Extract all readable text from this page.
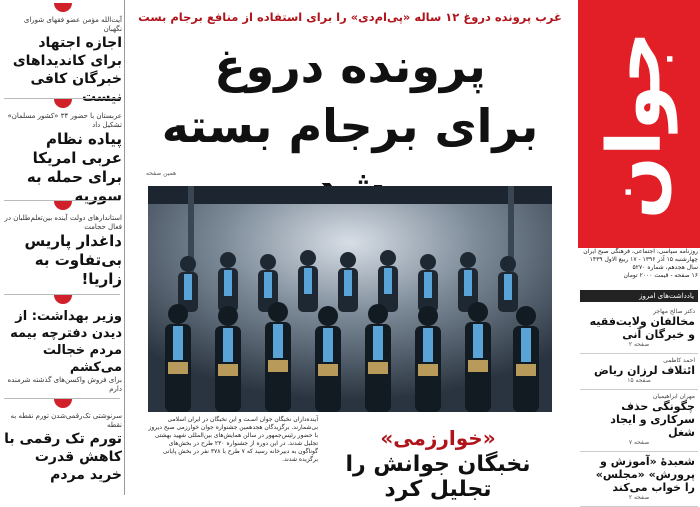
آیت‌الله مؤمن عضو فقهای شورای نگهبان
اجازه اجتهاد برای کاندیداهای خبرگان کافی نیست
عربستان با حضور ۳۴ «کشور مسلمان» تشکیل داد
پیاده نظام عربی امریکا برای حمله به سوریه
استاندارهای دولت آینده بین‌تعلم‌طلبان در فعال حجامت
داغدار پاریس بی‌تفاوت به زاریا!
وزیر بهداشت: از دیدن دفترچه بیمه مردم خجالت می‌کشم
برای فروش واکسن‌های گذشته شرمنده دارم
سرنوشتی تک‌رقمی‌شدن تورم نقطه به نقطه
تورم تک رقمی با کاهش قدرت خرید مردم
غرب پرونده دروغ ۱۲ ساله «پی‌ام‌دی» را برای استفاده از منافع برجام بست
پرونده دروغ
برای برجام بسته
همین صفحه
آینده‌داران نخبگان جوان اسـت و این نخبگان در ایران اسلامی بی‌شمارند. برگزیدگان هجدهمین جشنواره جوان خوارزمی صبح دیروز با حضور رئیس‌جمهور در سالن همایش‌های بین‌المللی شهید بهشتی تجلیل شدند. در این دوره از جشنواره ۲۳۰ طرح در بخش‌های گوناگون به دبیرخانه رسید که ۷ طرح با ۳۷۸ نفر در بخش پایانی برگزیده شدند.
«خوارزمی»
نخبگان جوانش را تجلیل کرد
جوان
روزنامه سیاسی، اجتماعی، فرهنگی صبح ایران
چهارشنبه ۱۵ آذر ۱۳۹۶ - ۱۷ ربیع الاول ۱۴۳۹
سال هجدهم، شماره ۵۲۷۰
۱۶ صفحه - قیمت ۲۰۰۰ تومان
یادداشت‌های امروز
دکتر صالح مهاجر
مخالفان ولایت‌فقیه و خبرگان آنی
صفحه ۲
احمد کاظمی
ائتلاف لرزان ریاض
صفحه ۱۵
مهران ابراهیمیان
چگونگی حذف سرکاری و ایجاد شغل
صفحه ۷
شعبدهٔ «آموزش و پرورش» «مجلس» را خواب می‌کند
صفحه ۲
